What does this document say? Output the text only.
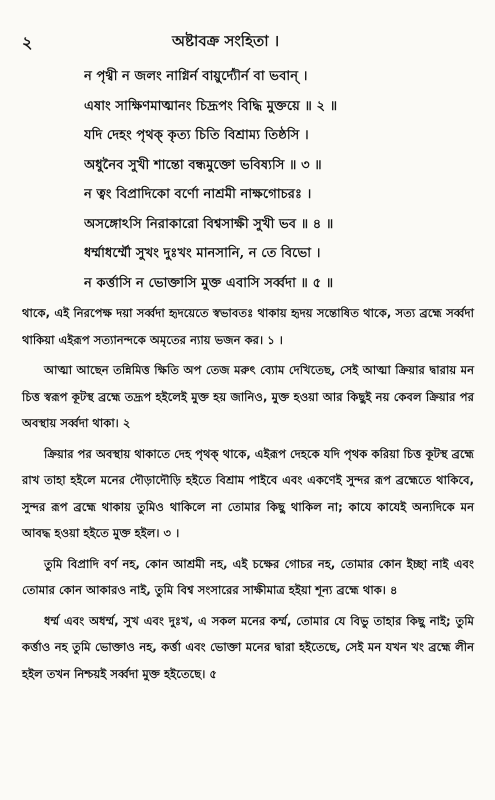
২	অষ্টাবক্র সংহিতা ।
ন পৃথ্বী ন জলং নাগ্নির্ন বায়ুর্দ্যৌর্ন বা ভবান্ ।
এষাং সাক্ষিণমাত্মানং চিদ্রূপং বিদ্ধি মুক্তয়ে ॥ ২ ॥
যদি দেহং পৃথক্ কৃত্য চিতি বিশ্রাম্য তিষ্ঠসি ।
অধুনৈব সুখী শান্তো বন্ধমুক্তো ভবিষ্যসি ॥ ৩ ॥
ন ত্বং বিপ্রাদিকো বর্ণো নাশ্রমী নাক্ষগোচরঃ ।
অসঙ্গোঽসি নিরাকারো বিশ্বসাক্ষী সুখী ভব ॥ ৪ ॥
ধর্ম্মাধর্ম্মৌ সুখং দুঃখং মানসানি, ন তে বিভো ।
ন কর্ত্তাসি ন ভোক্তাসি মুক্ত এবাসি সর্ব্বদা ॥ ৫ ॥

থাকে, এই নিরপেক্ষ দয়া সর্ব্বদা হৃদয়েতে স্বভাবতঃ থাকায় হৃদয় সন্তোষিত থাকে, সত্য ব্রহ্মে সর্ব্বদা থাকিয়া এইরূপ সত্যানন্দকে অমৃতের ন্যায় ভজন কর। ১ ।

আত্মা আছেন তন্নিমিত্ত ক্ষিতি অপ তেজ মরুৎ ব্যোম দেখিতেছ, সেই আত্মা ক্রিয়ার দ্বারায় মন চিত্ত স্বরূপ কূটস্থ ব্রহ্মে তদ্রূপ হইলেই মুক্ত হয় জানিও, মুক্ত হওয়া আর কিছুই নয় কেবল ক্রিয়ার পর অবস্থায় সর্ব্বদা থাকা। ২

ক্রিয়ার পর অবস্থায় থাকাতে দেহ পৃথক্ থাকে, এইরূপ দেহকে যদি পৃথক করিয়া চিত্ত কূটস্থ ব্রহ্মে রাখ তাহা হইলে মনের দৌড়াদৌড়ি হইতে বিশ্রাম পাইবে এবং একণেই সুন্দর রূপ ব্রহ্মেতে থাকিবে, সুন্দর রূপ ব্রহ্মে থাকায় তুমিও থাকিলে না তোমার কিছু থাকিল না; কাযে কাযেই অন্যদিকে মন আবদ্ধ হওয়া হইতে মুক্ত হইল। ৩ ।

তুমি বিপ্রাদি বর্ণ নহ, কোন আশ্রমী নহ, এই চক্ষের গোচর নহ, তোমার কোন ইচ্ছা নাই এবং তোমার কোন আকারও নাই, তুমি বিশ্ব সংসারের সাক্ষীমাত্র হইয়া শূন্য ব্রহ্মে থাক। ৪

ধর্ম্ম এবং অধর্ম্ম, সুখ এবং দুঃখ, এ সকল মনের কর্ম্ম, তোমার যে বিভু তাহার কিছু নাই; তুমি কর্ত্তাও নহ তুমি ভোক্তাও নহ, কর্ত্তা এবং ভোক্তা মনের দ্বারা হইতেছে, সেই মন যখন খং ব্রহ্মে লীন হইল তখন নিশ্চয়ই সর্ব্বদা মুক্ত হইতেছে। ৫
